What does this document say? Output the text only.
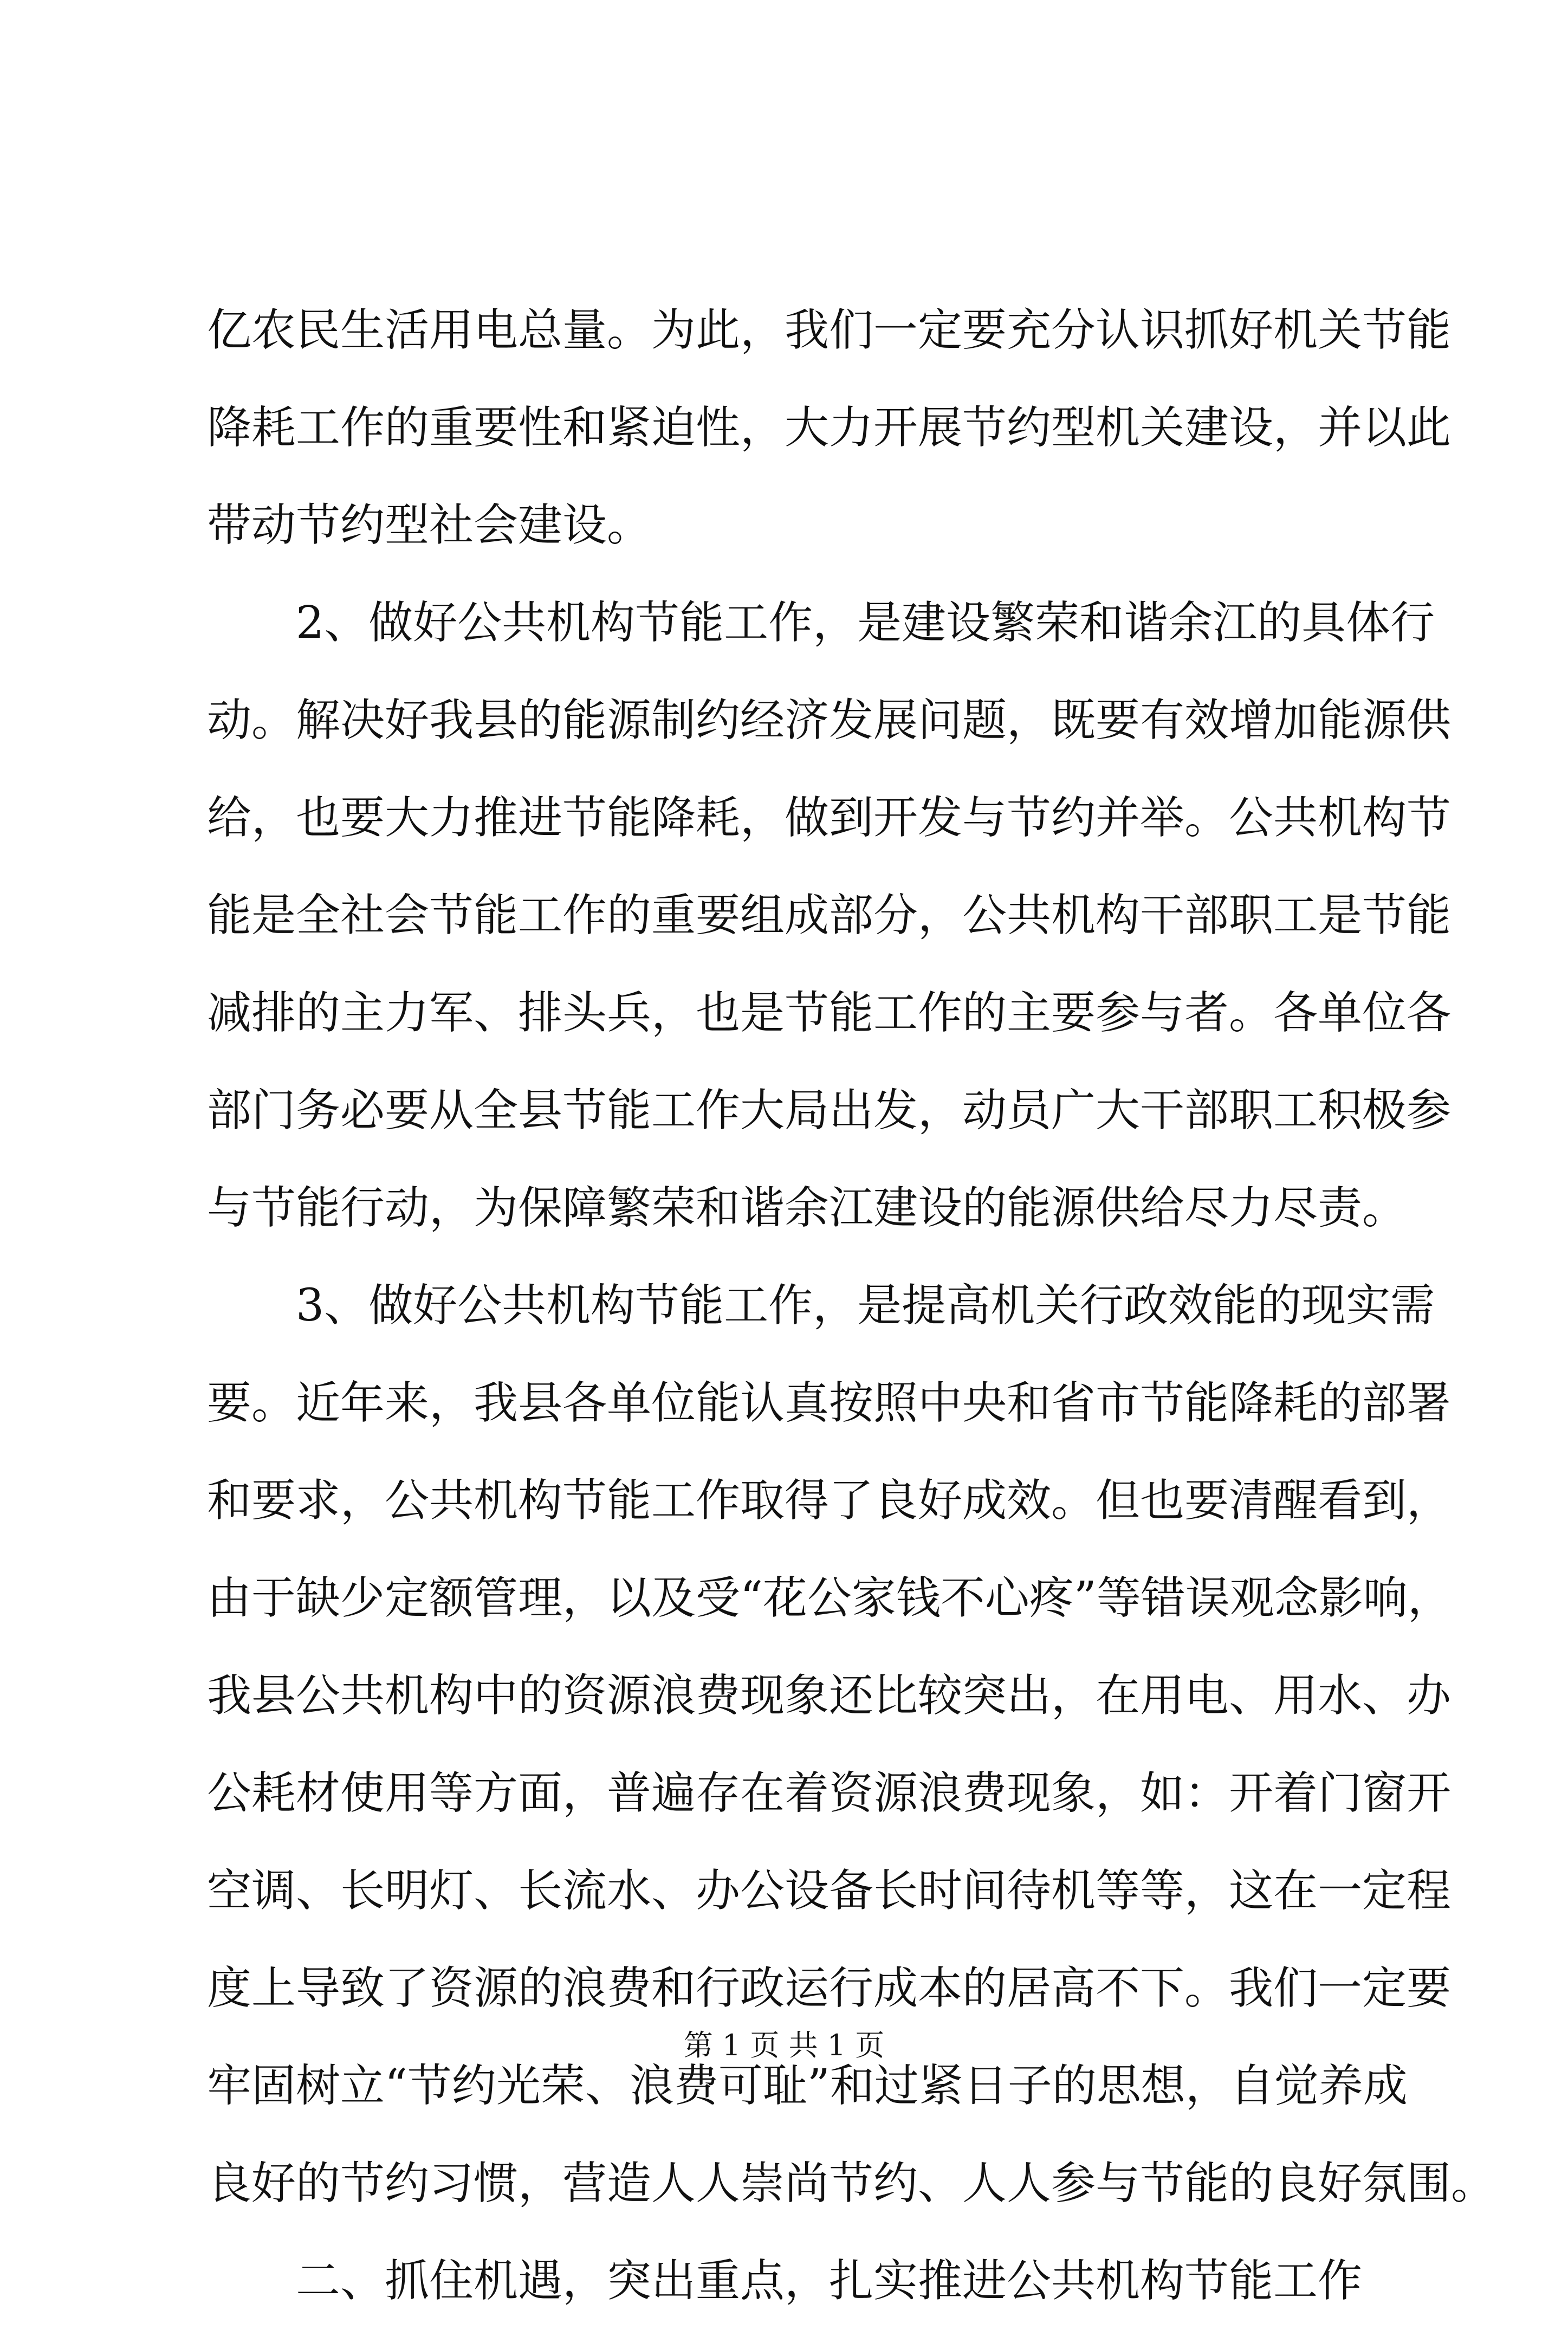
亿农民生活用电总量。为此，我们一定要充分认识抓好机关节能
降耗工作的重要性和紧迫性，大力开展节约型机关建设，并以此
带动节约型社会建设。
2、做好公共机构节能工作，是建设繁荣和谐余江的具体行
动。解决好我县的能源制约经济发展问题，既要有效增加能源供
给，也要大力推进节能降耗，做到开发与节约并举。公共机构节
能是全社会节能工作的重要组成部分，公共机构干部职工是节能
减排的主力军、排头兵，也是节能工作的主要参与者。各单位各
部门务必要从全县节能工作大局出发，动员广大干部职工积极参
与节能行动，为保障繁荣和谐余江建设的能源供给尽力尽责。
3、做好公共机构节能工作，是提高机关行政效能的现实需
要。近年来，我县各单位能认真按照中央和省市节能降耗的部署
和要求，公共机构节能工作取得了良好成效。但也要清醒看到，
由于缺少定额管理，以及受“花公家钱不心疼”等错误观念影响，
我县公共机构中的资源浪费现象还比较突出，在用电、用水、办
公耗材使用等方面，普遍存在着资源浪费现象，如：开着门窗开
空调、长明灯、长流水、办公设备长时间待机等等，这在一定程
度上导致了资源的浪费和行政运行成本的居高不下。我们一定要
牢固树立“节约光荣、浪费可耻”和过紧日子的思想，自觉养成
良好的节约习惯，营造人人崇尚节约、人人参与节能的良好氛围。
二、抓住机遇，突出重点，扎实推进公共机构节能工作
第 1 页 共 1 页
